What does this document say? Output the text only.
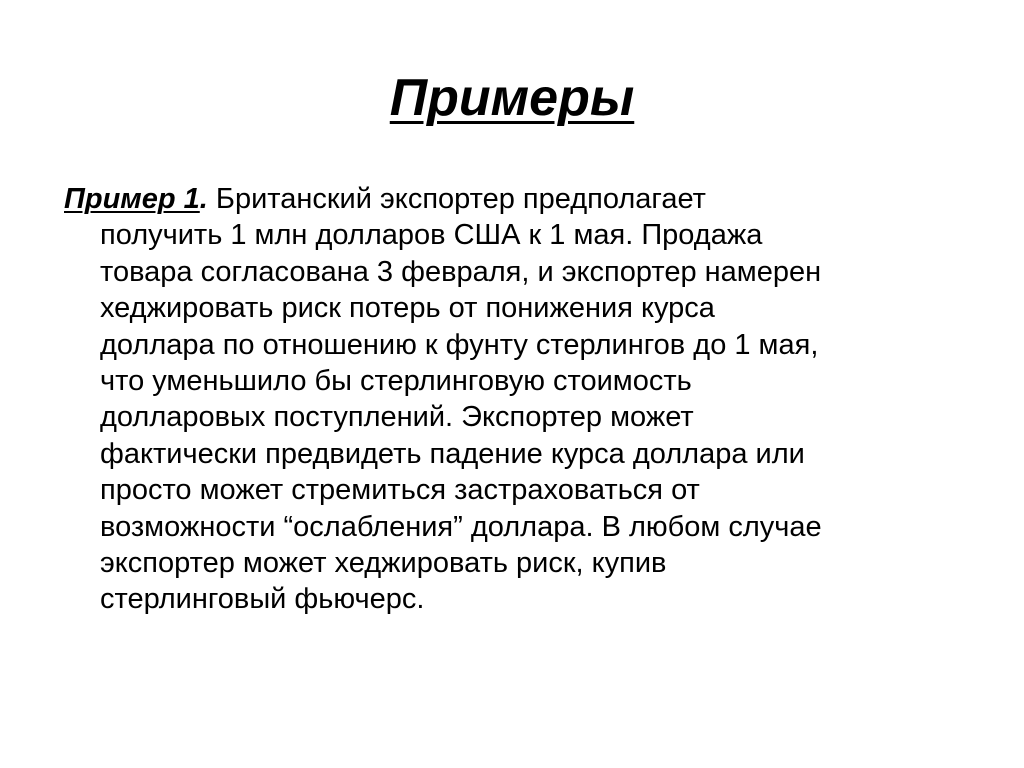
Примеры
Пример 1. Британский экспортер предполагает
получить 1 млн долларов США к 1 мая. Продажа
товара согласована 3 февраля, и экспортер намерен
хеджировать риск потерь от понижения курса
доллара по отношению к фунту стерлингов до 1 мая,
что уменьшило бы стерлинговую стоимость
долларовых поступлений. Экспортер может
фактически предвидеть падение курса доллара или
просто может стремиться застраховаться от
возможности “ослабления” доллара. В любом случае
экспортер может хеджировать риск, купив
стерлинговый фьючерс.
